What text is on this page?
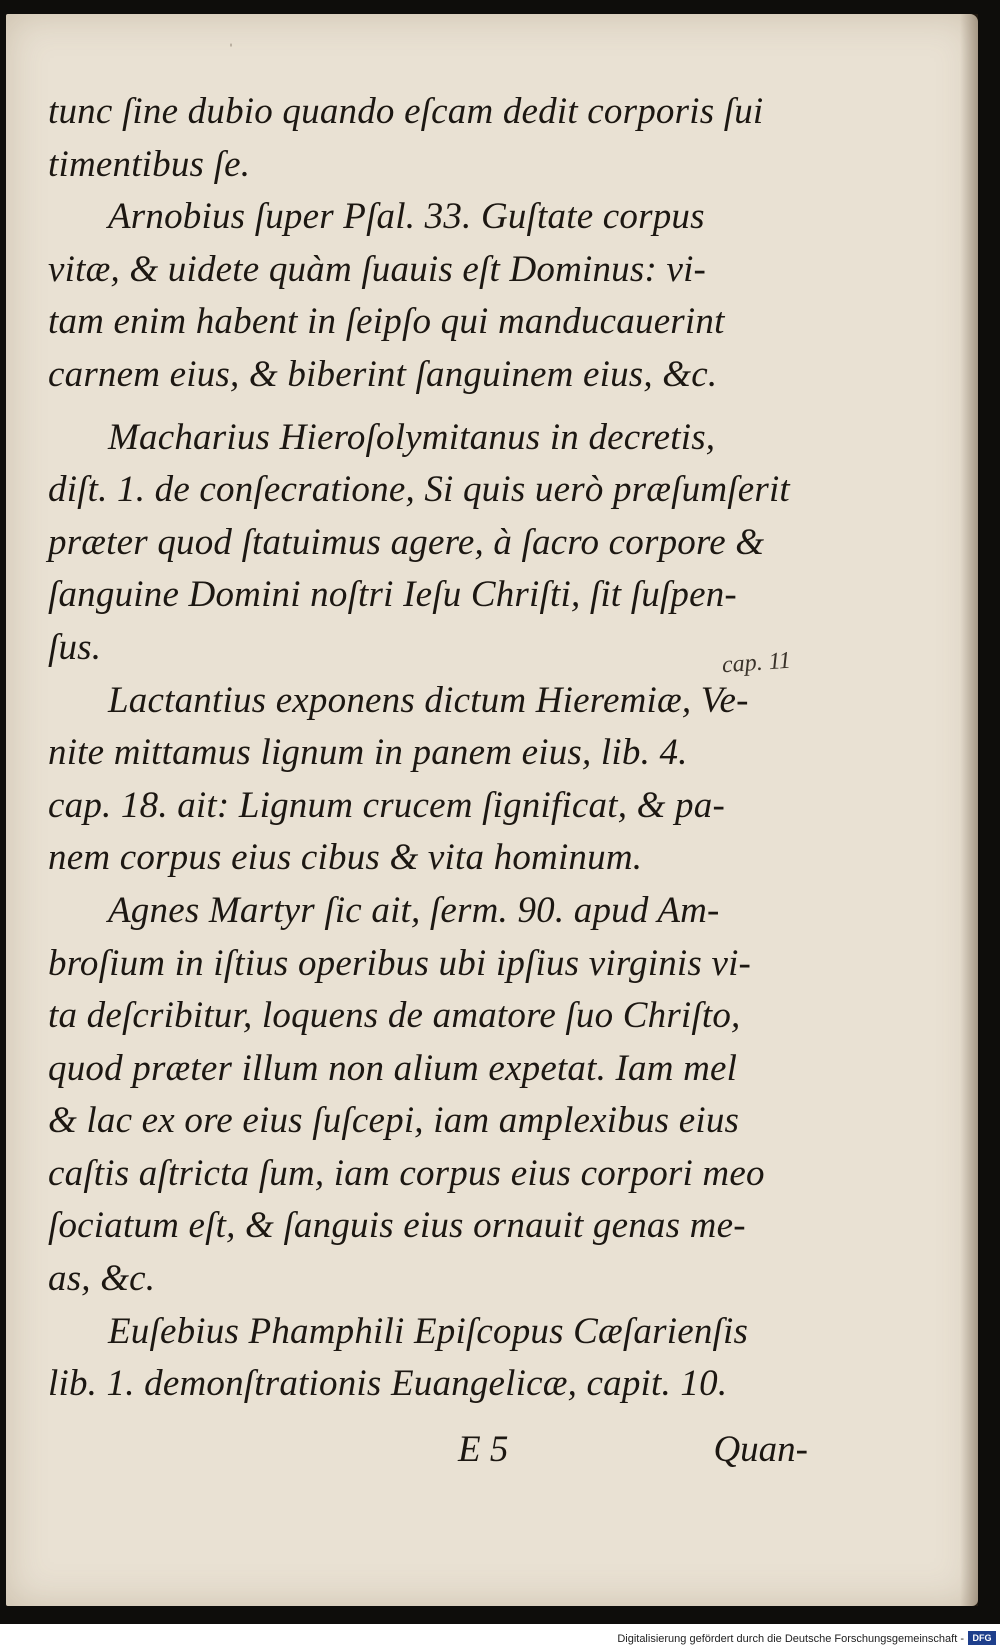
ˈ
tunc ſine dubio quando eſcam dedit corporis ſui
timentibus ſe.
Arnobius ſuper Pſal. 33. Guſtate corpus
vitæ, & uidete quàm ſuauis eſt Dominus: vi-
tam enim habent in ſeipſo qui manducauerint
carnem eius, & biberint ſanguinem eius, &c.
Macharius Hieroſolymitanus in decretis,
diſt. 1. de conſecratione, Si quis uerò præſumſerit
præter quod ſtatuimus agere, à ſacro corpore &
ſanguine Domini noſtri Ieſu Chriſti, ſit ſuſpen-
ſus.
Lactantius exponens dictum Hieremiæ, Ve-
nite mittamus lignum in panem eius, lib. 4.
cap. 18. ait: Lignum crucem ſignificat, & pa-
nem corpus eius cibus & vita hominum.
Agnes Martyr ſic ait, ſerm. 90. apud Am-
broſium in iſtius operibus ubi ipſius virginis vi-
ta deſcribitur, loquens de amatore ſuo Chriſto,
quod præter illum non alium expetat. Iam mel
& lac ex ore eius ſuſcepi, iam amplexibus eius
caſtis aſtricta ſum, iam corpus eius corpori meo
ſociatum eſt, & ſanguis eius ornauit genas me-
as, &c.
Euſebius Phamphili Epiſcopus Cæſarienſis
lib. 1. demonſtrationis Euangelicæ, capit. 10.
cap. 11
E 5	Quan-
Digitalisierung gefördert durch die Deutsche Forschungsgemeinschaft - DFG
